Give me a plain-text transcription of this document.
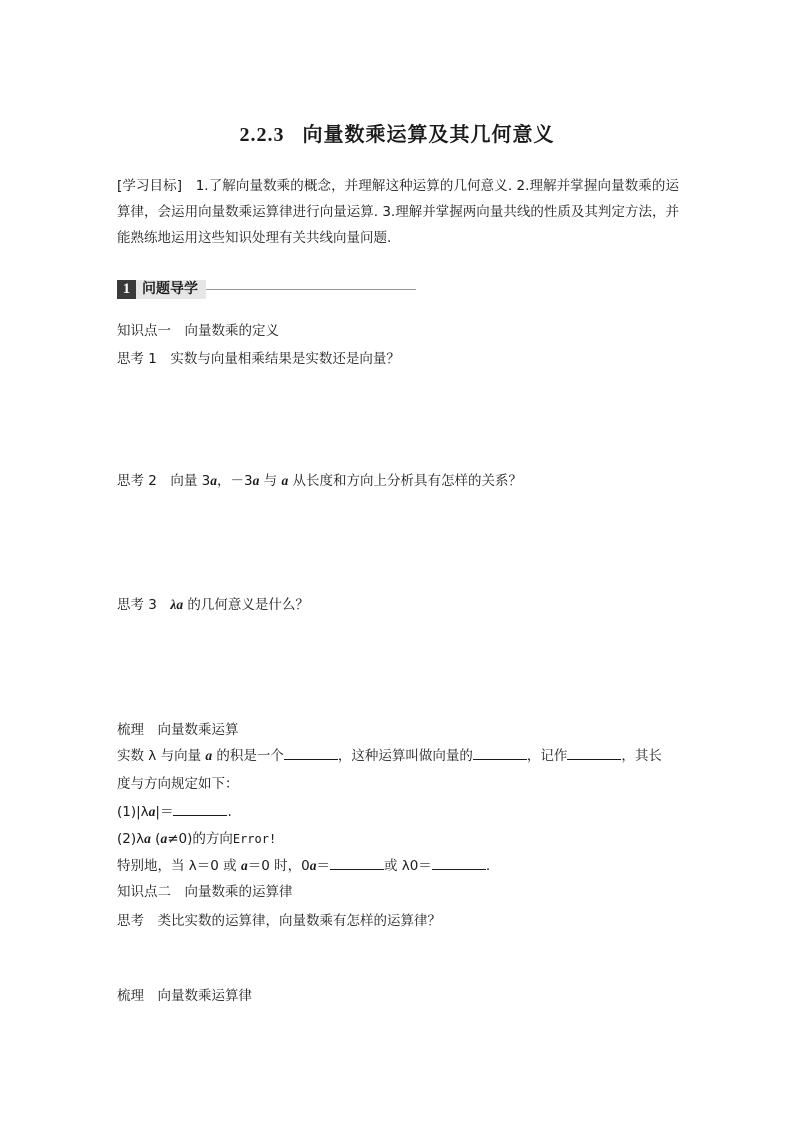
2.2.3 向量数乘运算及其几何意义
[学习目标]　1.了解向量数乘的概念，并理解这种运算的几何意义. 2.理解并掌握向量数乘的运算律，会运用向量数乘运算律进行向量运算. 3.理解并掌握两向量共线的性质及其判定方法，并能熟练地运用这些知识处理有关共线向量问题.
1 问题导学
知识点一　向量数乘的定义
思考 1　实数与向量相乘结果是实数还是向量？
思考 2　向量 3a，－3a 与 a 从长度和方向上分析具有怎样的关系？
思考 3　λa 的几何意义是什么？
梳理　向量数乘运算
实数 λ 与向量 a 的积是一个	，这种运算叫做向量的	，记作	，其长
度与方向规定如下：
(1)|λa|＝	.
(2)λa (a≠0)的方向Error!
特别地，当 λ＝0 或 a＝0 时，0a＝	或 λ0＝	.
知识点二　向量数乘的运算律
思考　类比实数的运算律，向量数乘有怎样的运算律？
梳理　向量数乘运算律
